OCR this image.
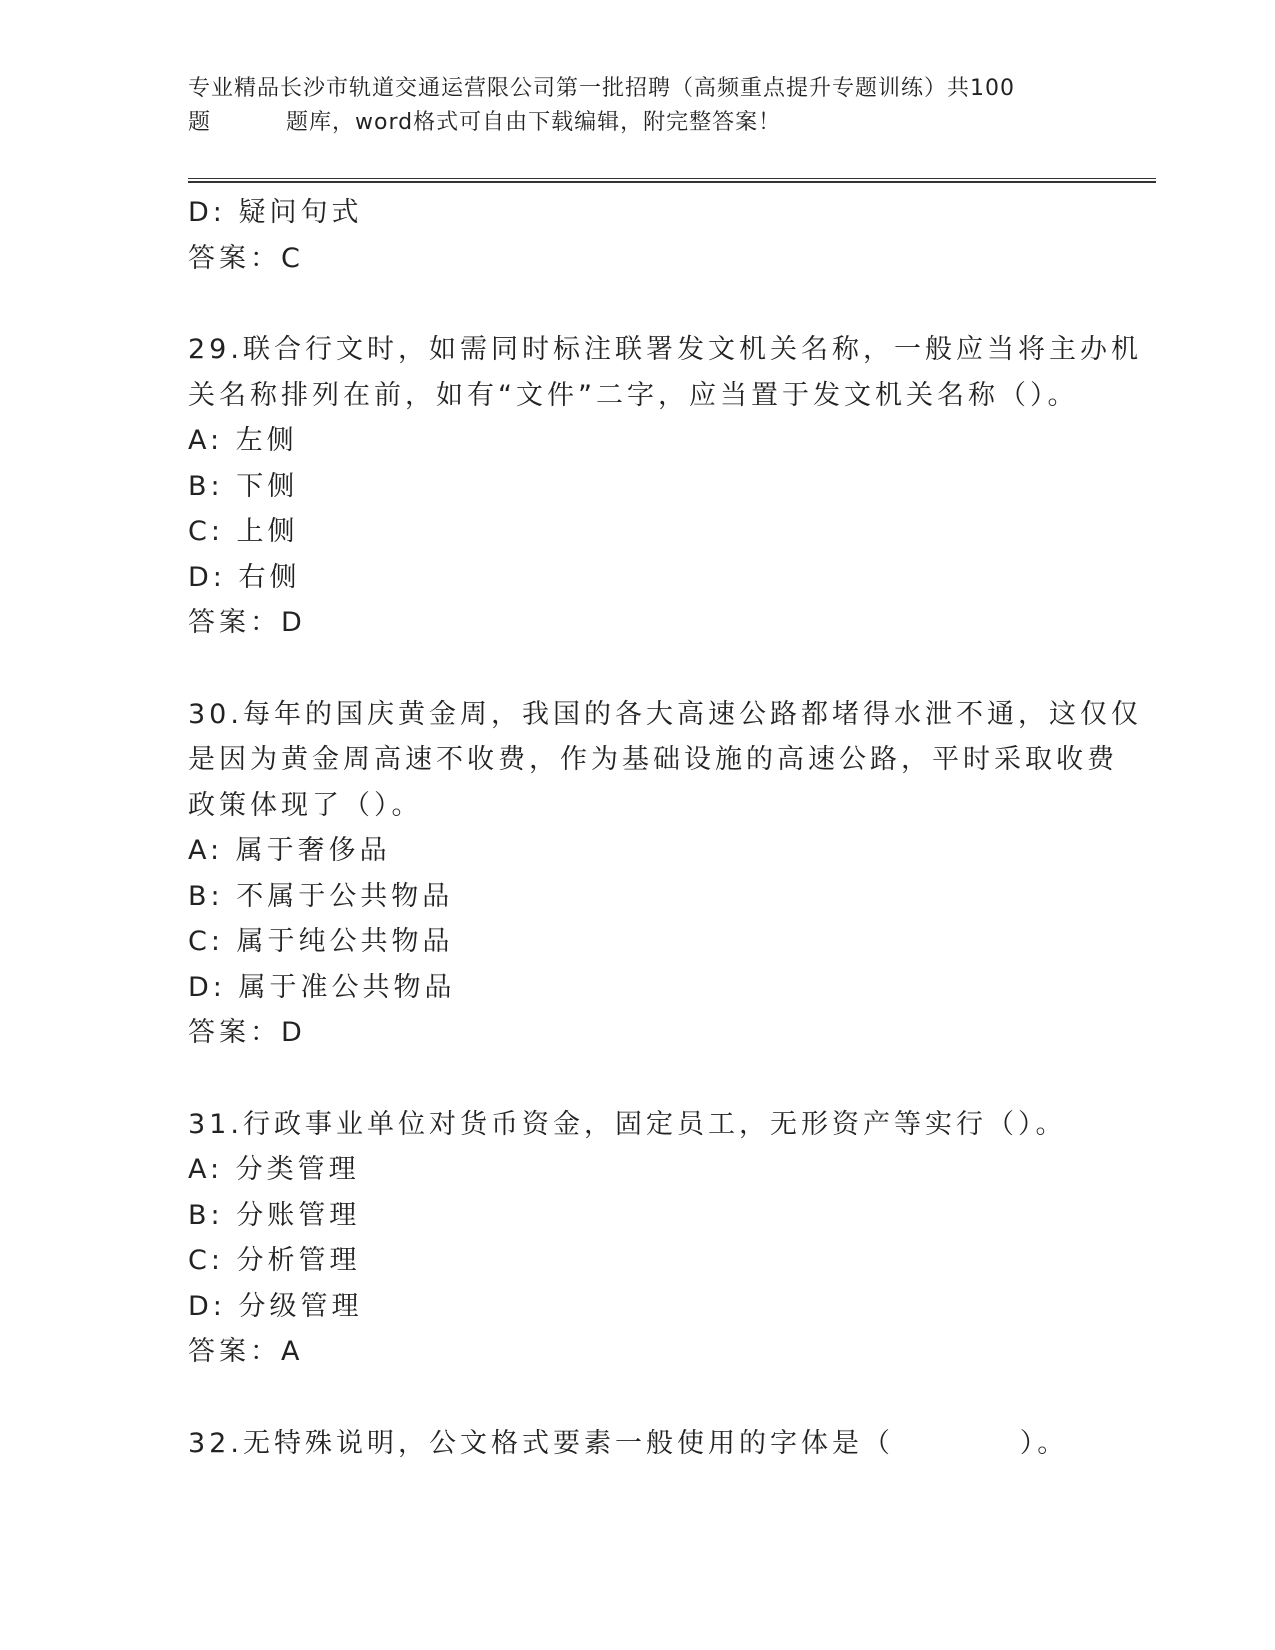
专业精品长沙市轨道交通运营限公司第一批招聘（高频重点提升专题训练）共100
题	题库，word格式可自由下载编辑，附完整答案！
D: 疑问句式
答案：C
29.联合行文时，如需同时标注联署发文机关名称，一般应当将主办机
关名称排列在前，如有“文件”二字，应当置于发文机关名称（）。
A: 左侧
B: 下侧
C: 上侧
D: 右侧
答案：D
30.每年的国庆黄金周，我国的各大高速公路都堵得水泄不通，这仅仅
是因为黄金周高速不收费，作为基础设施的高速公路，平时采取收费
政策体现了（）。
A: 属于奢侈品
B: 不属于公共物品
C: 属于纯公共物品
D: 属于准公共物品
答案：D
31.行政事业单位对货币资金，固定员工，无形资产等实行（）。
A: 分类管理
B: 分账管理
C: 分析管理
D: 分级管理
答案：A
32.无特殊说明，公文格式要素一般使用的字体是（          ）。
